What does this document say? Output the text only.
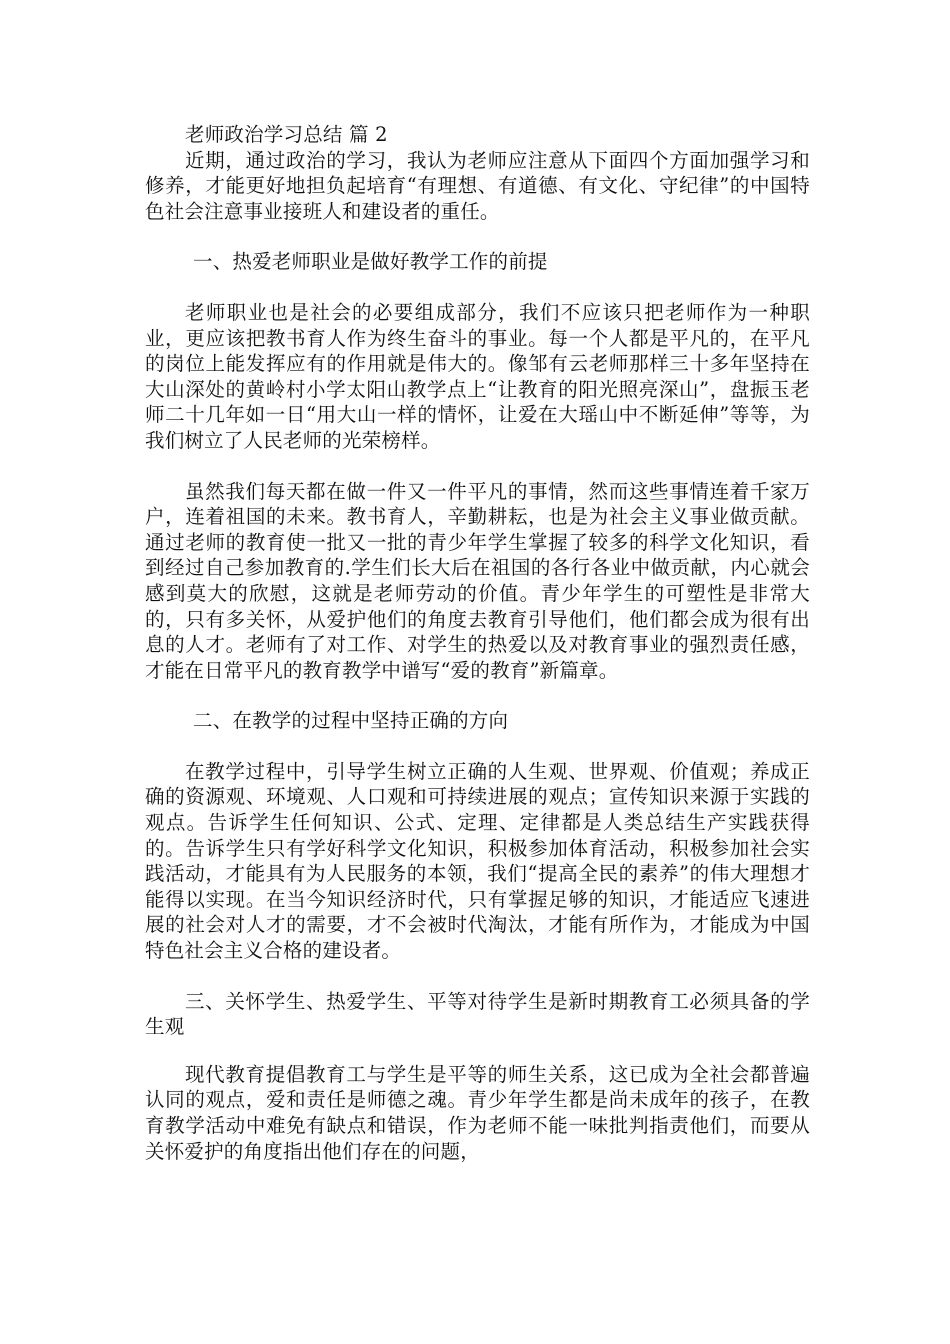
老师政治学习总结 篇 2

近期，通过政治的学习，我认为老师应注意从下面四个方面加强学习和修养，才能更好地担负起培育“有理想、有道德、有文化、守纪律”的中国特色社会注意事业接班人和建设者的重任。

一、热爱老师职业是做好教学工作的前提

老师职业也是社会的必要组成部分，我们不应该只把老师作为一种职业，更应该把教书育人作为终生奋斗的事业。每一个人都是平凡的，在平凡的岗位上能发挥应有的作用就是伟大的。像邹有云老师那样三十多年坚持在大山深处的黄岭村小学太阳山教学点上“让教育的阳光照亮深山”，盘振玉老师二十几年如一日“用大山一样的情怀，让爱在大瑶山中不断延伸”等等，为我们树立了人民老师的光荣榜样。

虽然我们每天都在做一件又一件平凡的事情，然而这些事情连着千家万户，连着祖国的未来。教书育人，辛勤耕耘，也是为社会主义事业做贡献。通过老师的教育使一批又一批的青少年学生掌握了较多的科学文化知识，看到经过自己参加教育的.学生们长大后在祖国的各行各业中做贡献，内心就会感到莫大的欣慰，这就是老师劳动的价值。青少年学生的可塑性是非常大的，只有多关怀，从爱护他们的角度去教育引导他们，他们都会成为很有出息的人才。老师有了对工作、对学生的热爱以及对教育事业的强烈责任感，才能在日常平凡的教育教学中谱写“爱的教育”新篇章。

二、在教学的过程中坚持正确的方向

在教学过程中，引导学生树立正确的人生观、世界观、价值观；养成正确的资源观、环境观、人口观和可持续进展的观点；宣传知识来源于实践的观点。告诉学生任何知识、公式、定理、定律都是人类总结生产实践获得的。告诉学生只有学好科学文化知识，积极参加体育活动，积极参加社会实践活动，才能具有为人民服务的本领，我们“提高全民的素养”的伟大理想才能得以实现。在当今知识经济时代，只有掌握足够的知识，才能适应飞速进展的社会对人才的需要，才不会被时代淘汰，才能有所作为，才能成为中国特色社会主义合格的建设者。

三、关怀学生、热爱学生、平等对待学生是新时期教育工必须具备的学生观

现代教育提倡教育工与学生是平等的师生关系，这已成为全社会都普遍认同的观点，爱和责任是师德之魂。青少年学生都是尚未成年的孩子，在教育教学活动中难免有缺点和错误，作为老师不能一味批判指责他们，而要从关怀爱护的角度指出他们存在的问题，
